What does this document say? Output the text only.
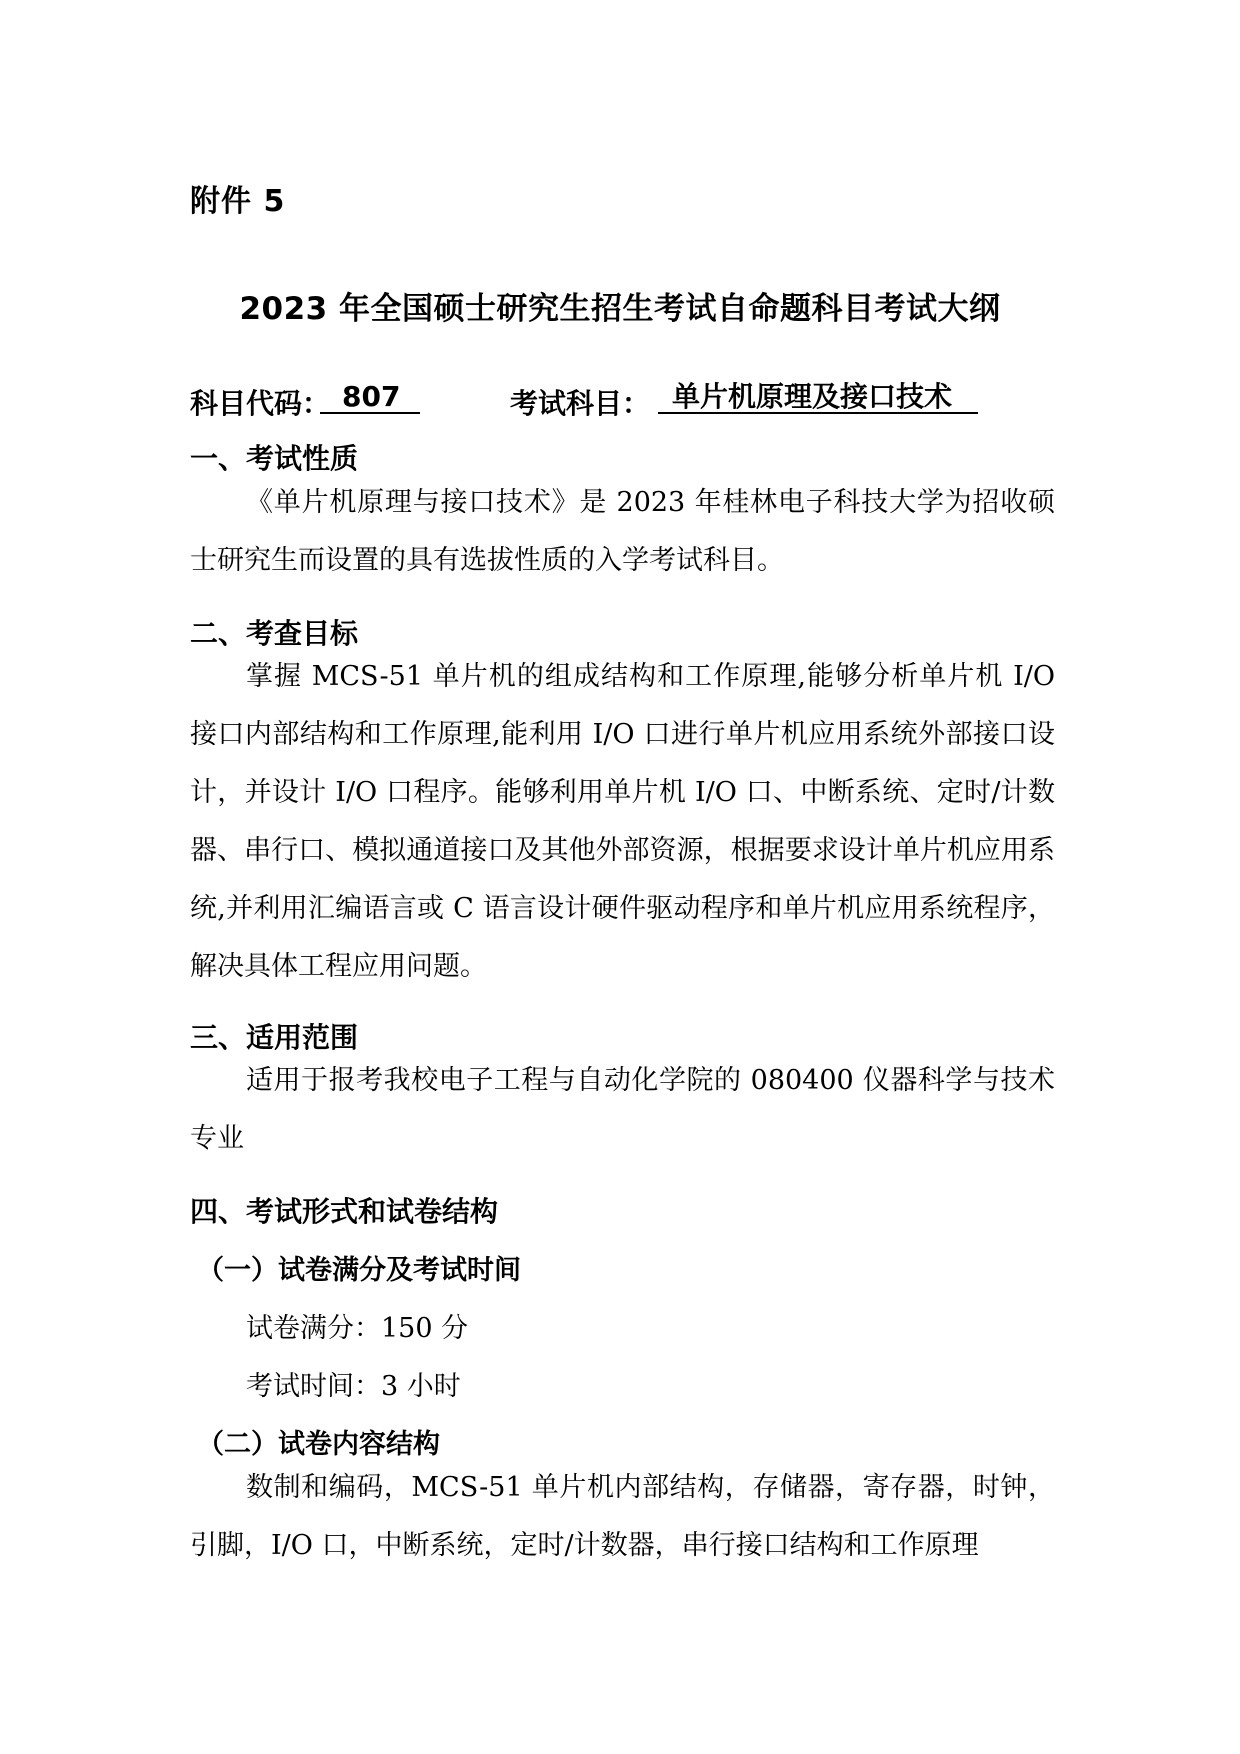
附件 5
2023 年全国硕士研究生招生考试自命题科目考试大纲
科目代码： 807	考试科目： 单片机原理及接口技术
一、考试性质
《单片机原理与接口技术》是 2023 年桂林电子科技大学为招收硕士研究生而设置的具有选拔性质的入学考试科目。
二、考查目标
掌握 MCS-51 单片机的组成结构和工作原理,能够分析单片机 I/O 接口内部结构和工作原理,能利用 I/O 口进行单片机应用系统外部接口设计，并设计 I/O 口程序。能够利用单片机 I/O 口、中断系统、定时/计数器、串行口、模拟通道接口及其他外部资源，根据要求设计单片机应用系统,并利用汇编语言或 C 语言设计硬件驱动程序和单片机应用系统程序，解决具体工程应用问题。
三、适用范围
适用于报考我校电子工程与自动化学院的 080400 仪器科学与技术专业
四、考试形式和试卷结构
（一）试卷满分及考试时间
试卷满分：150 分
考试时间：3 小时
（二）试卷内容结构
数制和编码，MCS-51 单片机内部结构，存储器，寄存器，时钟，引脚，I/O 口，中断系统，定时/计数器，串行接口结构和工作原理
